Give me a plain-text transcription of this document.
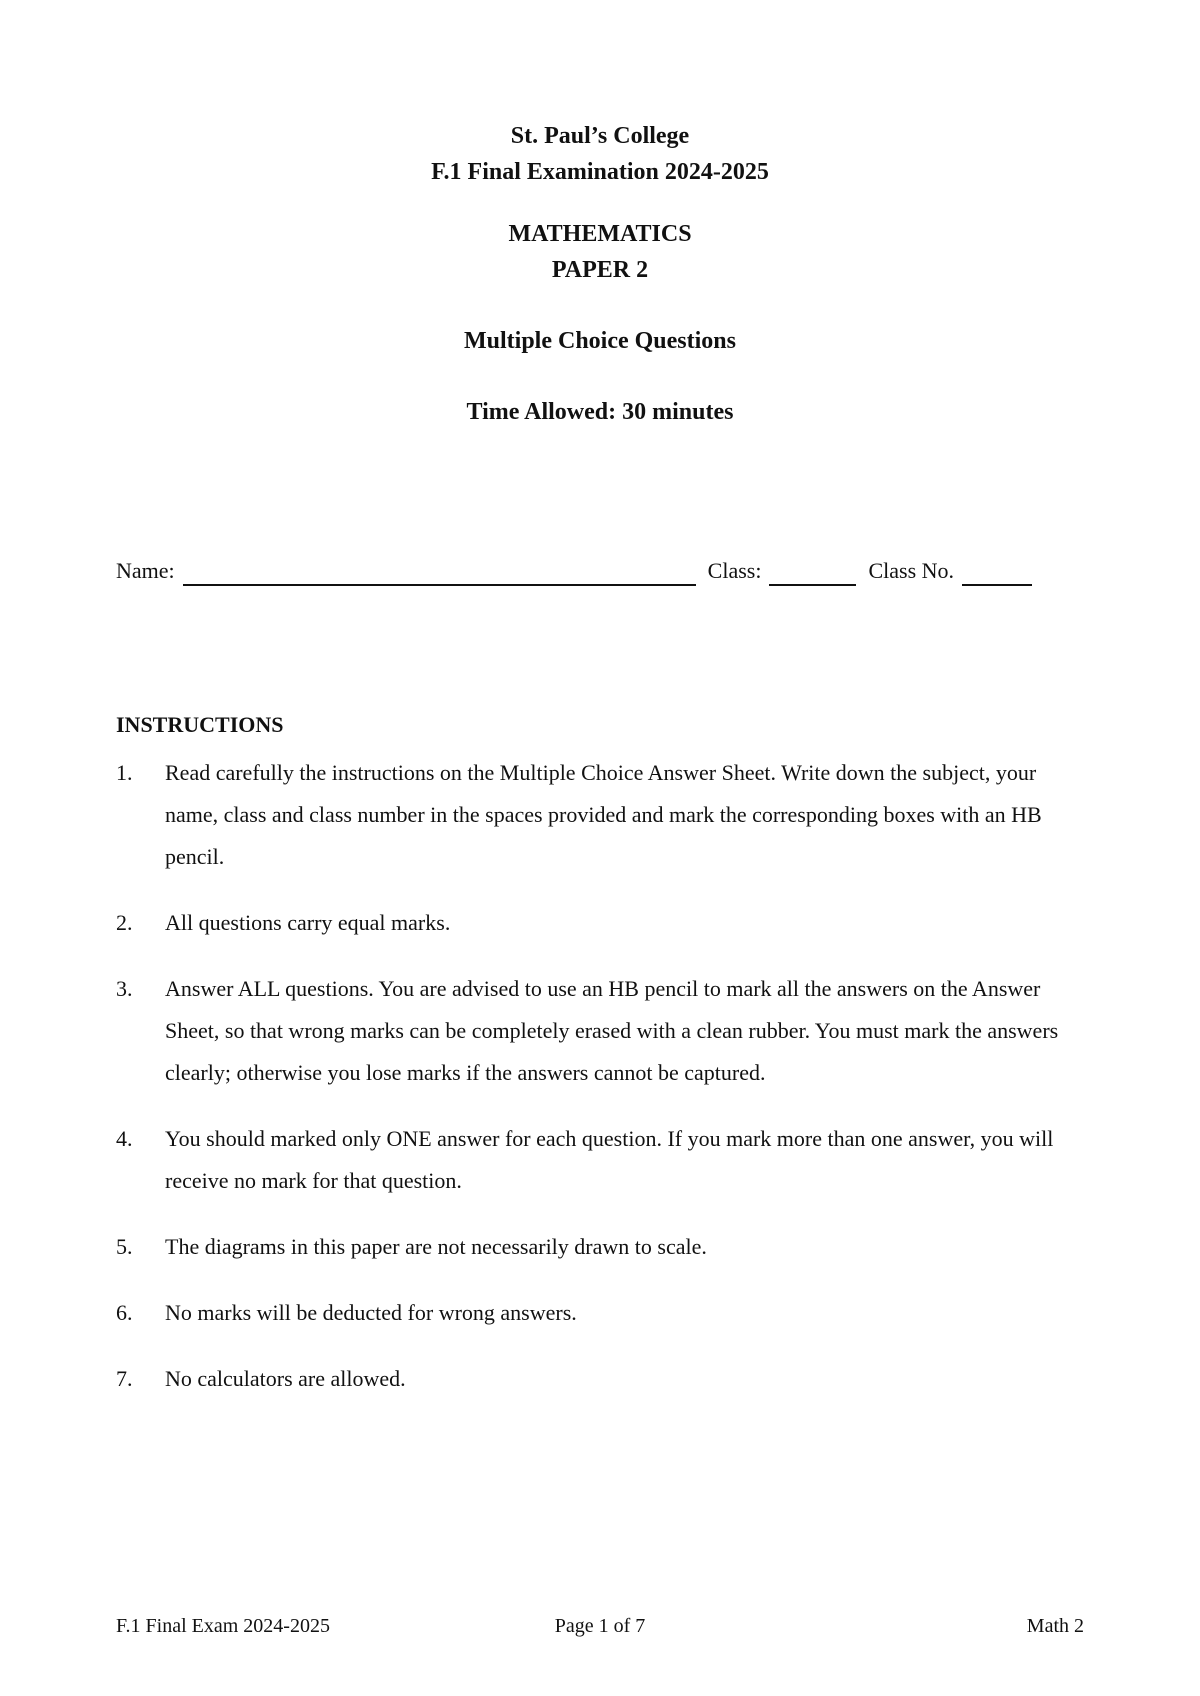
St. Paul’s College
F.1 Final Examination 2024-2025
MATHEMATICS
PAPER 2
Multiple Choice Questions
Time Allowed: 30 minutes
Name:	Class:	Class No.
INSTRUCTIONS
1.	Read carefully the instructions on the Multiple Choice Answer Sheet. Write down the subject, your name, class and class number in the spaces provided and mark the corresponding boxes with an HB pencil.
2.	All questions carry equal marks.
3.	Answer ALL questions. You are advised to use an HB pencil to mark all the answers on the Answer Sheet, so that wrong marks can be completely erased with a clean rubber. You must mark the answers clearly; otherwise you lose marks if the answers cannot be captured.
4.	You should marked only ONE answer for each question. If you mark more than one answer, you will receive no mark for that question.
5.	The diagrams in this paper are not necessarily drawn to scale.
6.	No marks will be deducted for wrong answers.
7.	No calculators are allowed.
F.1 Final Exam 2024-2025	Page 1 of 7	Math 2
